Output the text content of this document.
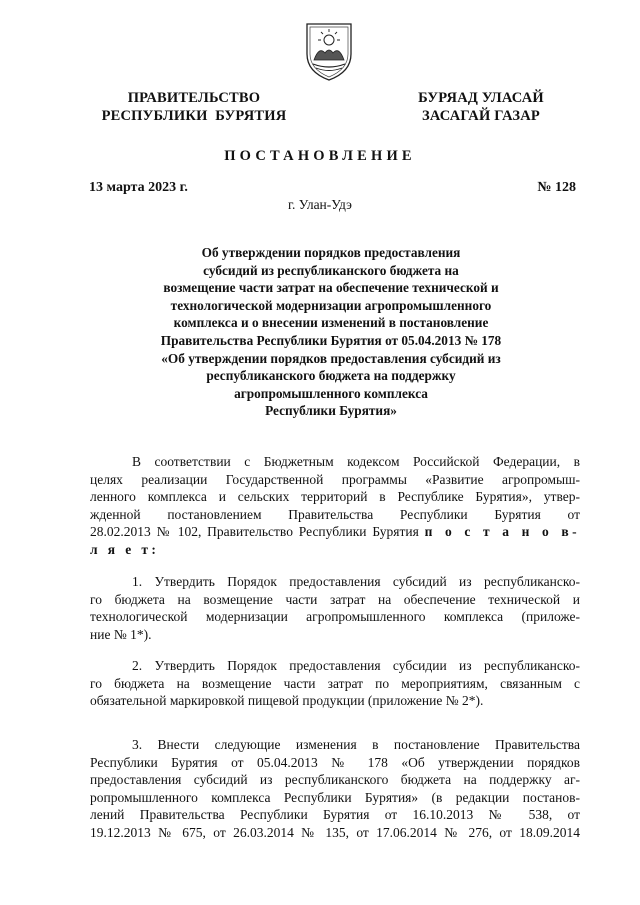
ПРАВИТЕЛЬСТВО
РЕСПУБЛИКИ  БУРЯТИЯ
БУРЯАД УЛАСАЙ
ЗАСАГАЙ ГАЗАР
ПОСТАНОВЛЕНИЕ
13 марта 2023 г.	№ 128
г. Улан-Удэ
Об утверждении порядков предоставления
субсидий из республиканского бюджета на
возмещение части затрат на обеспечение технической и
технологической модернизации агропромышленного
комплекса и о внесении изменений в постановление
Правительства Республики Бурятия от 05.04.2013 № 178
«Об утверждении порядков предоставления субсидий из
республиканского бюджета на поддержку
агропромышленного комплекса
Республики Бурятия»
В соответствии с Бюджетным кодексом Российской Федерации, в
целях реализации Государственной программы «Развитие агропромыш-
ленного комплекса и сельских территорий в Республике Бурятия», утвер-
жденной постановлением Правительства Республики Бурятия от
28.02.2013 № 102, Правительство Республики Бурятия п о с т а н о в-
л я е т:
1. Утвердить Порядок предоставления субсидий из республиканско-
го бюджета на возмещение части затрат на обеспечение технической и
технологической модернизации агропромышленного комплекса (приложе-
ние № 1*).
2. Утвердить Порядок предоставления субсидии из республиканско-
го бюджета на возмещение части затрат по мероприятиям, связанным с
обязательной маркировкой пищевой продукции (приложение № 2*).
3. Внести следующие изменения в постановление Правительства
Республики Бурятия от 05.04.2013 № 178 «Об утверждении порядков
предоставления субсидий из республиканского бюджета на поддержку аг-
ропромышленного комплекса Республики Бурятия» (в редакции постанов-
лений Правительства Республики Бурятия от 16.10.2013 № 538, от
19.12.2013 № 675, от 26.03.2014 № 135, от 17.06.2014 № 276, от 18.09.2014
